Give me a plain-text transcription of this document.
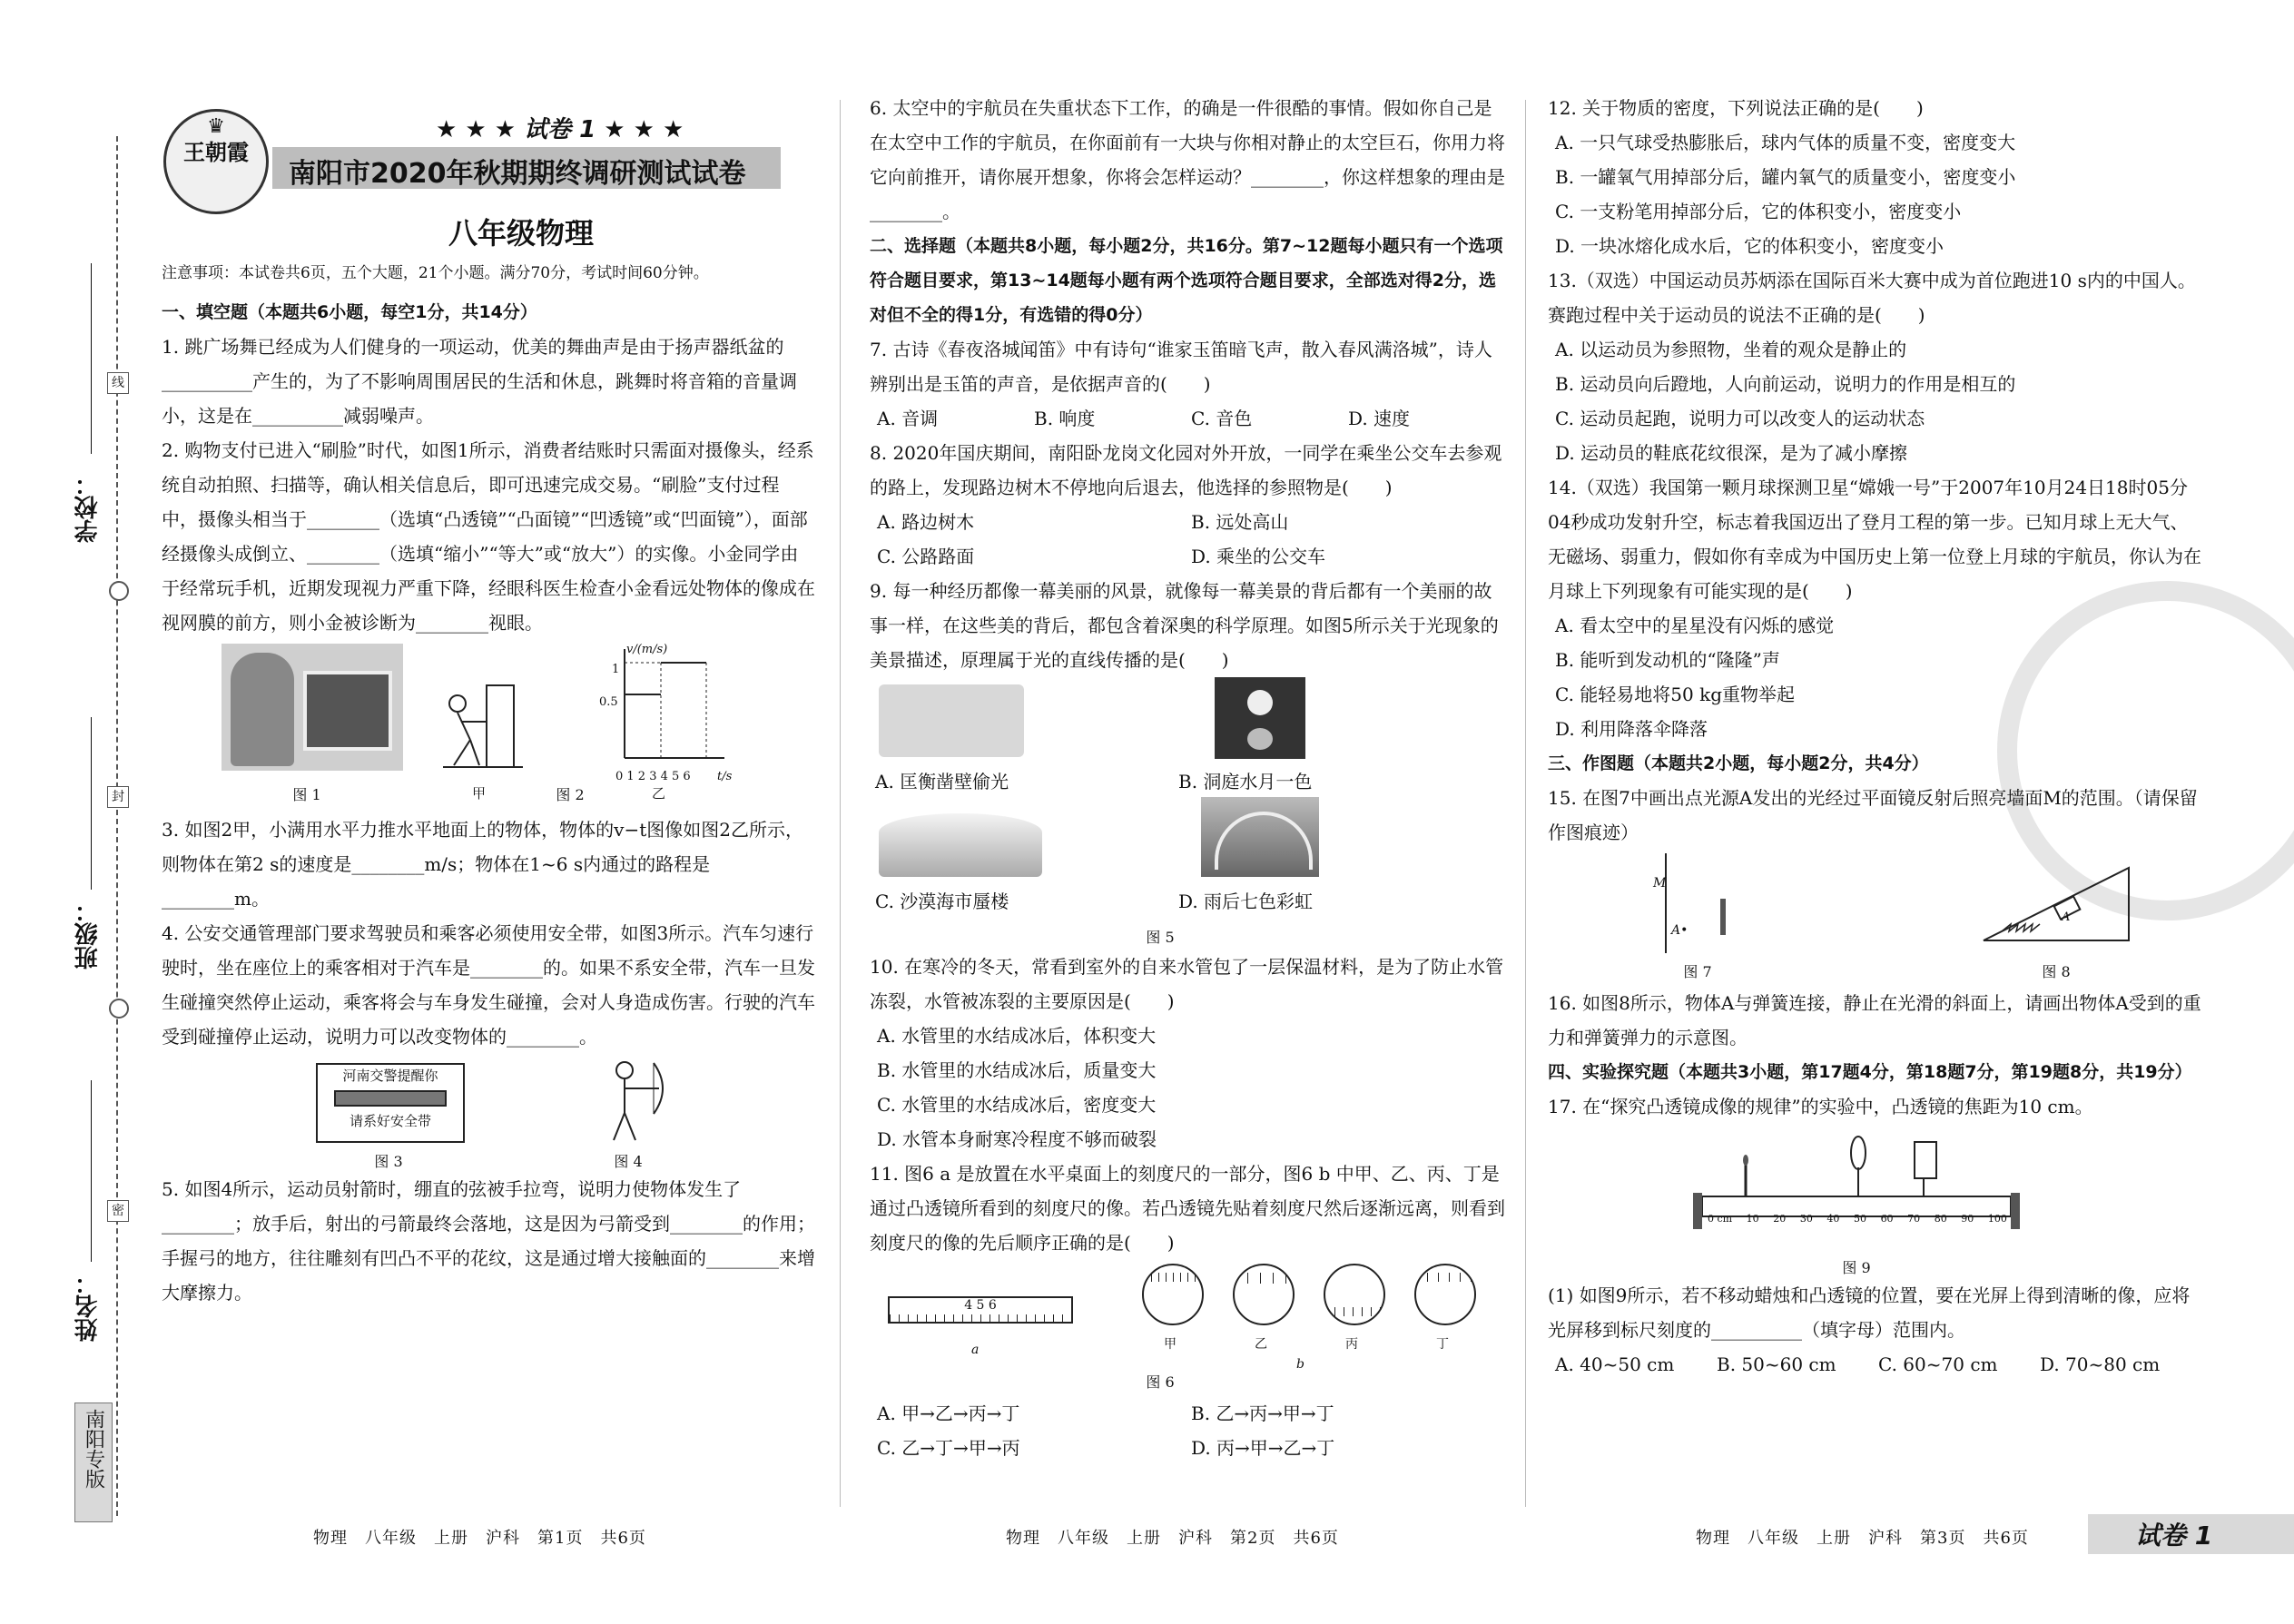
学校：
班级：
姓名：
线
封
密
南阳专版
♛
王朝霞
★ ★ ★ 试卷 1 ★ ★ ★
南阳市2020年秋期期终调研测试试卷
八年级物理
注意事项：本试卷共6页，五个大题，21个小题。满分70分，考试时间60分钟。

一、填空题（本题共6小题，每空1分，共14分）

1. 跳广场舞已经成为人们健身的一项运动，优美的舞曲声是由于扬声器纸盆的__________产生的，为了不影响周围居民的生活和休息，跳舞时将音箱的音量调小，这是在__________减弱噪声。

2. 购物支付已进入“刷脸”时代，如图1所示，消费者结账时只需面对摄像头，经系统自动拍照、扫描等，确认相关信息后，即可迅速完成交易。“刷脸”支付过程中，摄像头相当于________（选填“凸透镜”“凸面镜”“凹透镜”或“凹面镜”），面部经摄像头成倒立、________（选填“缩小”“等大”或“放大”）的实像。小金同学由于经常玩手机，近期发现视力严重下降，经眼科医生检查小金看远处物体的像成在视网膜的前方，则小金被诊断为________视眼。

图 1	甲
v/(m/s)
1
0.5
0 1 2 3 4 5 6 t/s
乙
图 2

3. 如图2甲，小满用水平力推水平地面上的物体，物体的v−t图像如图2乙所示，则物体在第2 s的速度是________m/s；物体在1~6 s内通过的路程是________m。

4. 公安交通管理部门要求驾驶员和乘客必须使用安全带，如图3所示。汽车匀速行驶时，坐在座位上的乘客相对于汽车是________的。如果不系安全带，汽车一旦发生碰撞突然停止运动，乘客将会与车身发生碰撞，会对人身造成伤害。行驶的汽车受到碰撞停止运动，说明力可以改变物体的________。

河南交警提醒你
请系好安全带
图 3	图 4

5. 如图4所示，运动员射箭时，绷直的弦被手拉弯，说明力使物体发生了________；放手后，射出的弓箭最终会落地，这是因为弓箭受到________的作用；手握弓的地方，往往雕刻有凹凸不平的花纹，这是通过增大接触面的________来增大摩擦力。

物理　八年级　上册　沪科　第1页　共6页

6. 太空中的宇航员在失重状态下工作，的确是一件很酷的事情。假如你自己是在太空中工作的宇航员，在你面前有一大块与你相对静止的太空巨石，你用力将它向前推开，请你展开想象，你将会怎样运动？________，你这样想象的理由是________。

二、选择题（本题共8小题，每小题2分，共16分。第7~12题每小题只有一个选项符合题目要求，第13~14题每小题有两个选项符合题目要求，全部选对得2分，选对但不全的得1分，有选错的得0分）

7. 古诗《春夜洛城闻笛》中有诗句“谁家玉笛暗飞声，散入春风满洛城”，诗人辨别出是玉笛的声音，是依据声音的(　　)

A. 音调	B. 响度	C. 音色	D. 速度

8. 2020年国庆期间，南阳卧龙岗文化园对外开放，一同学在乘坐公交车去参观的路上，发现路边树木不停地向后退去，他选择的参照物是(　　)

A. 路边树木	B. 远处高山
C. 公路路面	D. 乘坐的公交车

9. 每一种经历都像一幕美丽的风景，就像每一幕美景的背后都有一个美丽的故事一样，在这些美的背后，都包含着深奥的科学原理。如图5所示关于光现象的美景描述，原理属于光的直线传播的是(　　)

A. 匡衡凿壁偷光	B. 洞庭水月一色
C. 沙漠海市蜃楼	D. 雨后七色彩虹
图 5

10. 在寒冷的冬天，常看到室外的自来水管包了一层保温材料，是为了防止水管冻裂，水管被冻裂的主要原因是(　　)

A. 水管里的水结成冰后，体积变大
B. 水管里的水结成冰后，质量变大
C. 水管里的水结成冰后，密度变大
D. 水管本身耐寒冷程度不够而破裂

11. 图6 a 是放置在水平桌面上的刻度尺的一部分，图6 b 中甲、乙、丙、丁是通过凸透镜所看到的刻度尺的像。若凸透镜先贴着刻度尺然后逐渐远离，则看到刻度尺的像的先后顺序正确的是(　　)

4 5 6
a	甲	乙	丙	丁
b
图 6
A. 甲→乙→丙→丁	B. 乙→丙→甲→丁
C. 乙→丁→甲→丙	D. 丙→甲→乙→丁
物理　八年级　上册　沪科　第2页　共6页

12. 关于物质的密度，下列说法正确的是(　　)

A. 一只气球受热膨胀后，球内气体的质量不变，密度变大
B. 一罐氧气用掉部分后，罐内氧气的质量变小，密度变小
C. 一支粉笔用掉部分后，它的体积变小，密度变小
D. 一块冰熔化成水后，它的体积变小，密度变小

13.（双选）中国运动员苏炳添在国际百米大赛中成为首位跑进10 s内的中国人。赛跑过程中关于运动员的说法不正确的是(　　)

A. 以运动员为参照物，坐着的观众是静止的
B. 运动员向后蹬地，人向前运动，说明力的作用是相互的
C. 运动员起跑，说明力可以改变人的运动状态
D. 运动员的鞋底花纹很深，是为了减小摩擦

14.（双选）我国第一颗月球探测卫星“嫦娥一号”于2007年10月24日18时05分04秒成功发射升空，标志着我国迈出了登月工程的第一步。已知月球上无大气、无磁场、弱重力，假如你有幸成为中国历史上第一位登上月球的宇航员，你认为在月球上下列现象有可能实现的是(　　)

A. 看太空中的星星没有闪烁的感觉
B. 能听到发动机的“隆隆”声
C. 能轻易地将50 kg重物举起
D. 利用降落伞降落

三、作图题（本题共2小题，每小题2分，共4分）

15. 在图7中画出点光源A发出的光经过平面镜反射后照亮墙面M的范围。（请保留作图痕迹）

M
A•
图 7
A
图 8

16. 如图8所示，物体A与弹簧连接，静止在光滑的斜面上，请画出物体A受到的重力和弹簧弹力的示意图。

四、实验探究题（本题共3小题，第17题4分，第18题7分，第19题8分，共19分）

17. 在“探究凸透镜成像的规律”的实验中，凸透镜的焦距为10 cm。

0 cm 10 20 30 40 50 60 70 80 90 100
图 9

(1) 如图9所示，若不移动蜡烛和凸透镜的位置，要在光屏上得到清晰的像，应将光屏移到标尺刻度的__________（填字母）范围内。

A. 40~50 cm	B. 50~60 cm	C. 60~70 cm	D. 70~80 cm
物理　八年级　上册　沪科　第3页　共6页	试卷 1
